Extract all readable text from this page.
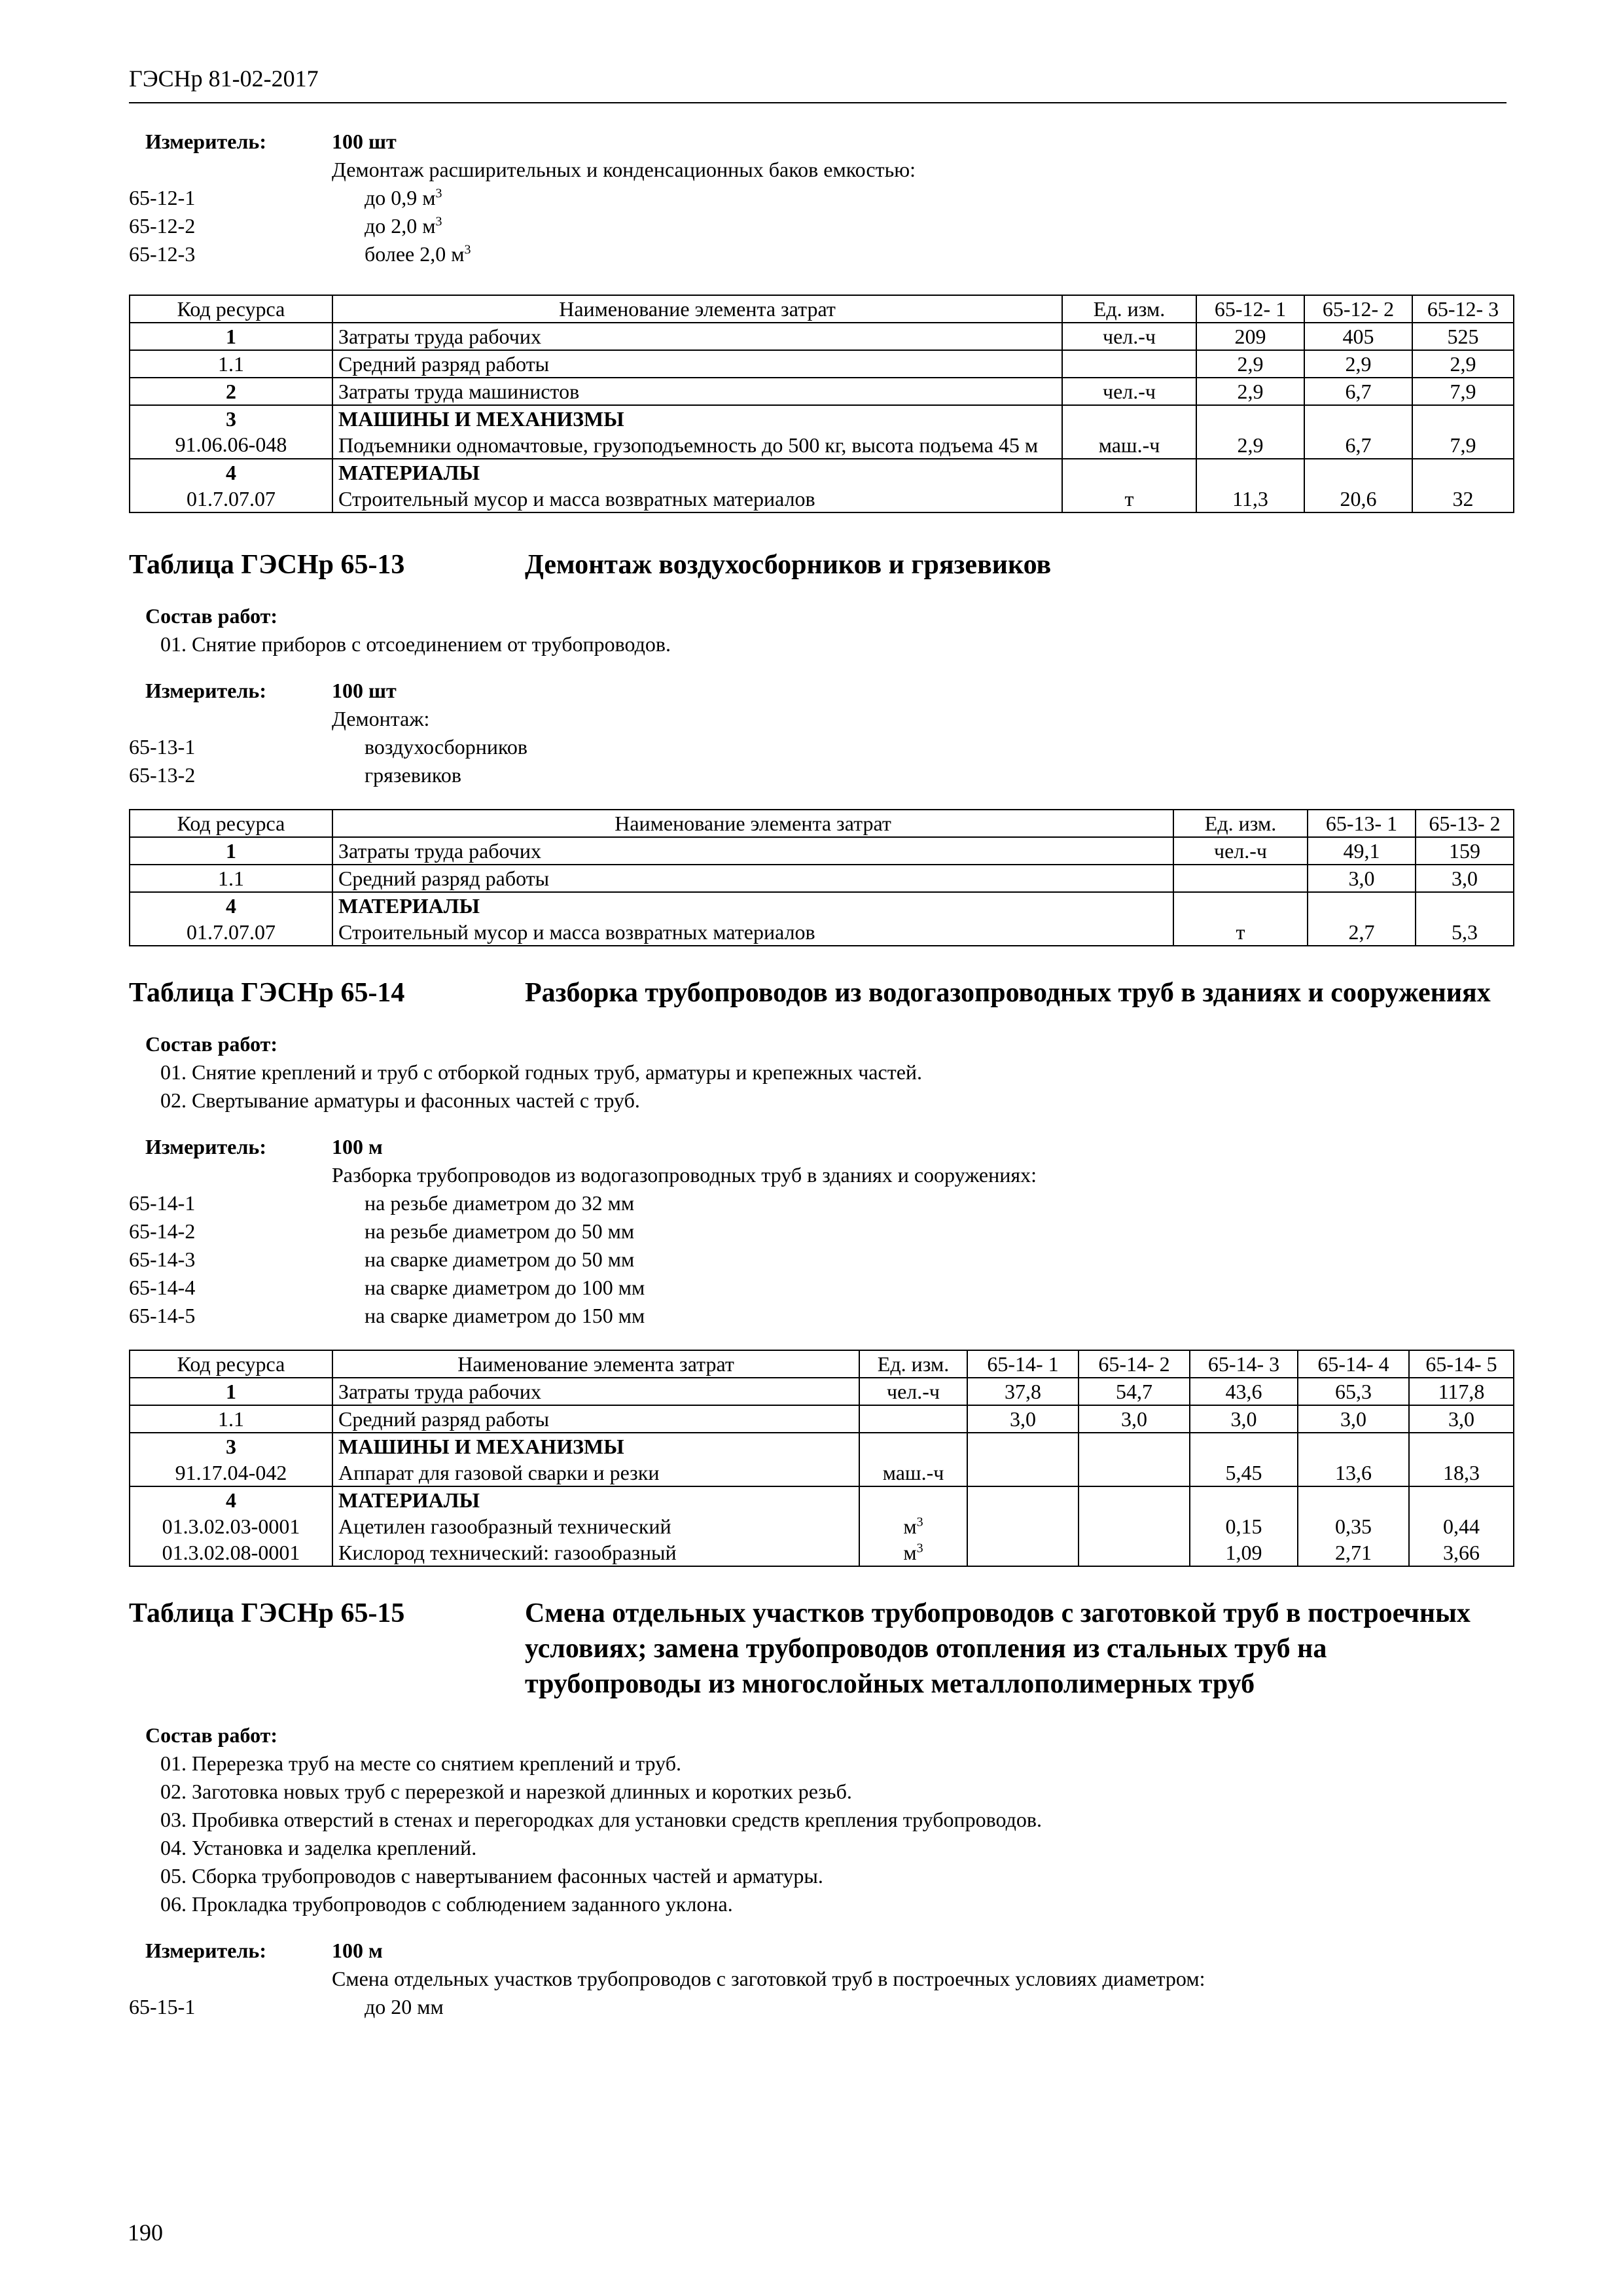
ГЭСНр 81-02-2017
Измеритель:	100 шт
Демонтаж расширительных и конденсационных баков емкостью:
65-12-1	до 0,9 $м^3$
65-12-2	до 2,0 $м^3$
65-12-3	более 2,0 $м^3$
Код ресурса	Наименование элемента затрат	Ед. изм.	65-12- 1	65-12- 2	65-12- 3
1	Затраты труда рабочих	чел.-ч	209	405	525
1.1	Средний разряд работы		2,9	2,9	2,9
2	Затраты труда машинистов	чел.-ч	2,9	6,7	7,9
3	МАШИНЫ И МЕХАНИЗМЫ				
91.06.06-048	Подъемники одномачтовые, грузоподъемность до 500 кг, высота подъема 45 м	маш.-ч	2,9	6,7	7,9
4	МАТЕРИАЛЫ				
01.7.07.07	Строительный мусор и масса возвратных материалов	т	11,3	20,6	32
Таблица ГЭСНр 65-13	Демонтаж воздухосборников и грязевиков
Состав работ:
01. Снятие приборов с отсоединением от трубопроводов.
Измеритель:	100 шт
Демонтаж:
65-13-1	воздухосборников
65-13-2	грязевиков
Код ресурса	Наименование элемента затрат	Ед. изм.	65-13- 1	65-13- 2
1	Затраты труда рабочих	чел.-ч	49,1	159
1.1	Средний разряд работы		3,0	3,0
4	МАТЕРИАЛЫ			
01.7.07.07	Строительный мусор и масса возвратных материалов	т	2,7	5,3
Таблица ГЭСНр 65-14	Разборка трубопроводов из водогазопроводных труб в зданиях и сооружениях
Состав работ:
01. Снятие креплений и труб с отборкой годных труб, арматуры и крепежных частей.
02. Свертывание арматуры и фасонных частей с труб.
Измеритель:	100 м
Разборка трубопроводов из водогазопроводных труб в зданиях и сооружениях:
65-14-1	на резьбе диаметром до 32 мм
65-14-2	на резьбе диаметром до 50 мм
65-14-3	на сварке диаметром до 50 мм
65-14-4	на сварке диаметром до 100 мм
65-14-5	на сварке диаметром до 150 мм
Код ресурса	Наименование элемента затрат	Ед. изм.	65-14- 1	65-14- 2	65-14- 3	65-14- 4	65-14- 5
1	Затраты труда рабочих	чел.-ч	37,8	54,7	43,6	65,3	117,8
1.1	Средний разряд работы		3,0	3,0	3,0	3,0	3,0
3	МАШИНЫ И МЕХАНИЗМЫ						
91.17.04-042	Аппарат для газовой сварки и резки	маш.-ч			5,45	13,6	18,3
4	МАТЕРИАЛЫ						
01.3.02.03-0001	Ацетилен газообразный технический	$м^3$			0,15	0,35	0,44
01.3.02.08-0001	Кислород технический: газообразный	$м^3$			1,09	2,71	3,66
Таблица ГЭСНр 65-15	Смена отдельных участков трубопроводов с заготовкой труб в построечных условиях; замена трубопроводов отопления из стальных труб на трубопроводы из многослойных металлополимерных труб
Состав работ:
01. Перерезка труб на месте со снятием креплений и труб.
02. Заготовка новых труб с перерезкой и нарезкой длинных и коротких резьб.
03. Пробивка отверстий в стенах и перегородках для установки средств крепления трубопроводов.
04. Установка и заделка креплений.
05. Сборка трубопроводов с навертыванием фасонных частей и арматуры.
06. Прокладка трубопроводов с соблюдением заданного уклона.
Измеритель:	100 м
Смена отдельных участков трубопроводов с заготовкой труб в построечных условиях диаметром:
65-15-1	до 20 мм
190
